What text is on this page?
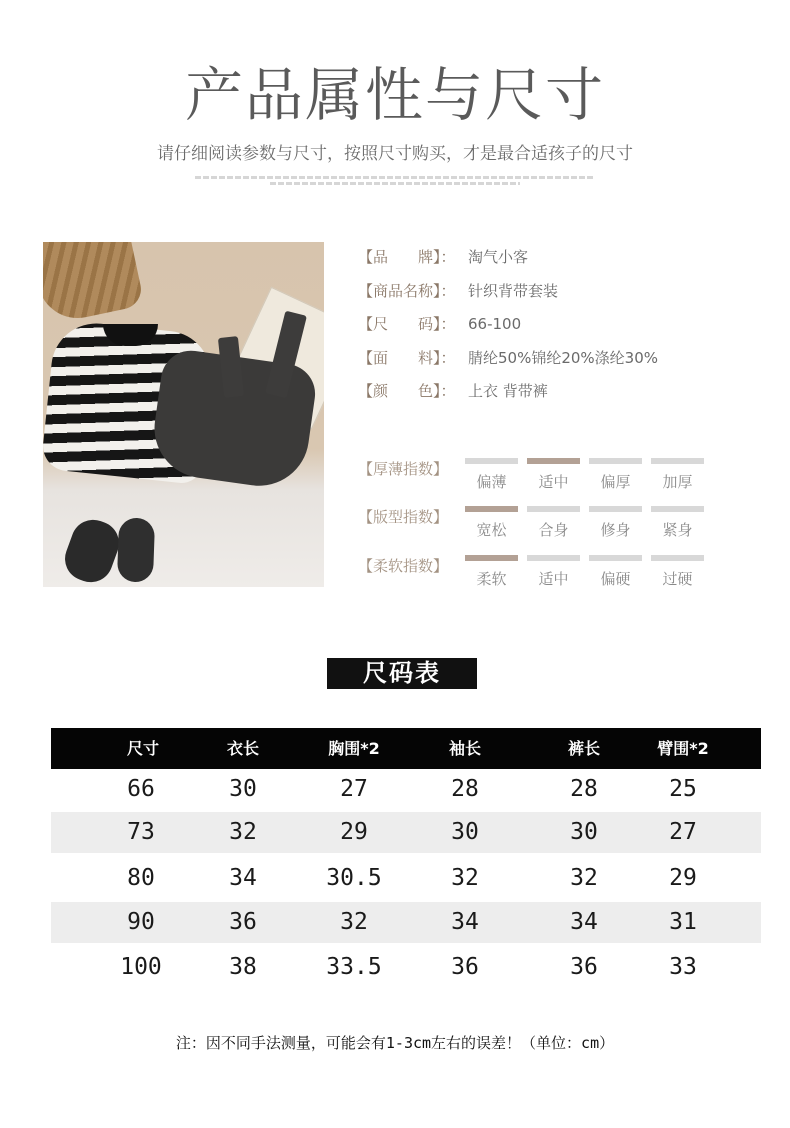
产品属性与尺寸
请仔细阅读参数与尺寸，按照尺寸购买，才是最合适孩子的尺寸
【品　　牌】： 淘气小客
【商品名称】： 针织背带套装
【尺　　码】： 66-100
【面　　料】： 腈纶50%锦纶20%涤纶30%
【颜　　色】： 上衣 背带裤
【厚薄指数】
偏薄	适中	偏厚	加厚
【版型指数】
宽松	合身	修身	紧身
【柔软指数】
柔软	适中	偏硬	过硬
尺码表
尺寸	衣长	胸围*2	袖长	裤长	臂围*2
66	30	27	28	28	25
73	32	29	30	30	27
80	34	30.5	32	32	29
90	36	32	34	34	31
100	38	33.5	36	36	33
注：因不同手法测量，可能会有1-3cm左右的误差！（单位：cm）
